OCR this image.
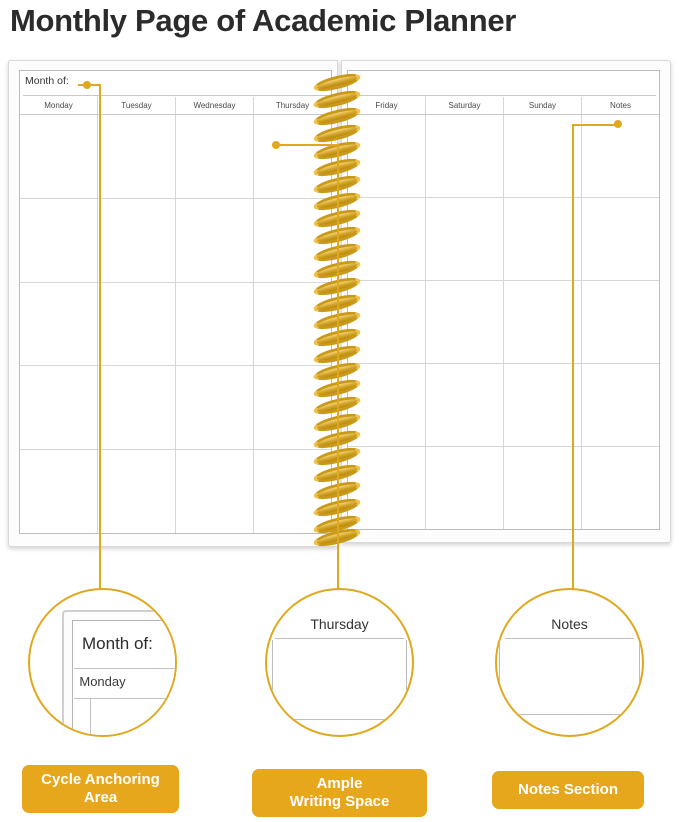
Monthly Page of Academic Planner
Month of:
Monday	Tuesday	Wednesday	Thursday	Friday	Saturday	Sunday	Notes
Month of:
Monday
Thursday	Notes
Cycle Anchoring
Area
Ample
Writing Space
Notes Section
